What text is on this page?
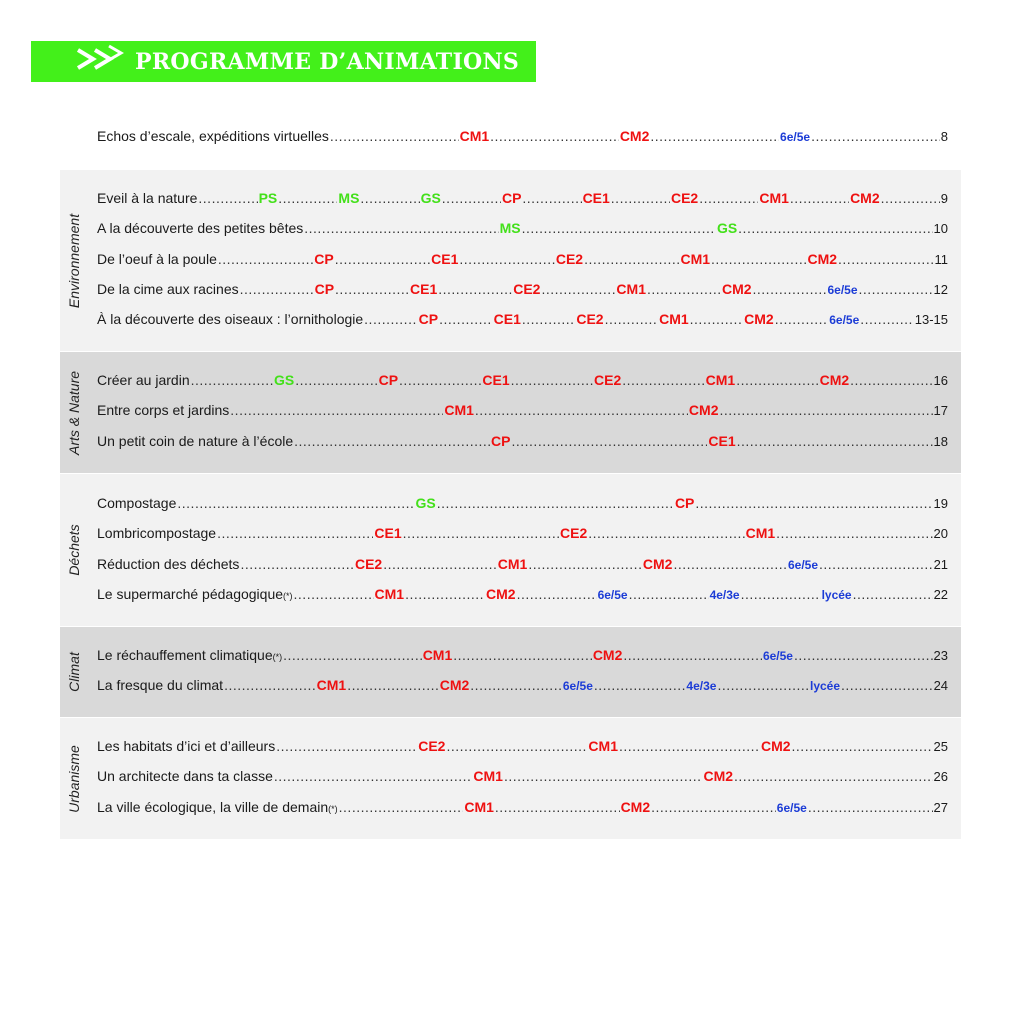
PROGRAMME D’ANIMATIONS
Echos d’escale, expéditions virtuelles .....	CM1 .....	CM2 .....	6e/5e .....	8
Environnement
Eveil à la nature .....	PS .....	MS .....	GS .....	CP .....	CE1 .....	CE2 .....	CM1 .....	CM2 .....	9
A la découverte des petites bêtes .....	MS .....	GS .....	10
De l’oeuf à la poule .....	CP .....	CE1 .....	CE2 .....	CM1 .....	CM2 .....	11
De la cime aux racines .....	CP .....	CE1 .....	CE2 .....	CM1 .....	CM2 .....	6e/5e .....	12
À la découverte des oiseaux : l’ornithologie .....	CP .....	CE1 .....	CE2 .....	CM1 .....	CM2 .....	6e/5e .....	13-15
Arts & Nature Créer au jardin .....	GS .....	CP .....	CE1 .....	CE2 .....	CM1 .....	CM2 .....	16
Entre corps et jardins .....	CM1 .....	CM2 .....	17
Un petit coin de nature à l’école .....	CP .....	CE1 .....	18
Déchets
Compostage .....	GS .....	CP .....	19
Lombricompostage .....	CE1 .....	CE2 .....	CM1 .....	20
Réduction des déchets .....	CE2 .....	CM1 .....	CM2 .....	6e/5e .....	21
Le supermarché pédagogique (*) .....	CM1 .....	CM2 .....	6e/5e .....	4e/3e .....	lycée .....	22
Climat Le réchauffement climatique (*) .....	CM1 .....	CM2 .....	6e/5e .....	23
La fresque du climat .....	CM1 .....	CM2 .....	6e/5e .....	4e/3e .....	lycée .....	24
Urbanisme Les habitats d’ici et d’ailleurs .....	CE2 .....	CM1 .....	CM2 .....	25
Un architecte dans ta classe .....	CM1 .....	CM2 .....	26
La ville écologique, la ville de demain (*) .....	CM1 .....	CM2 .....	6e/5e .....	27
